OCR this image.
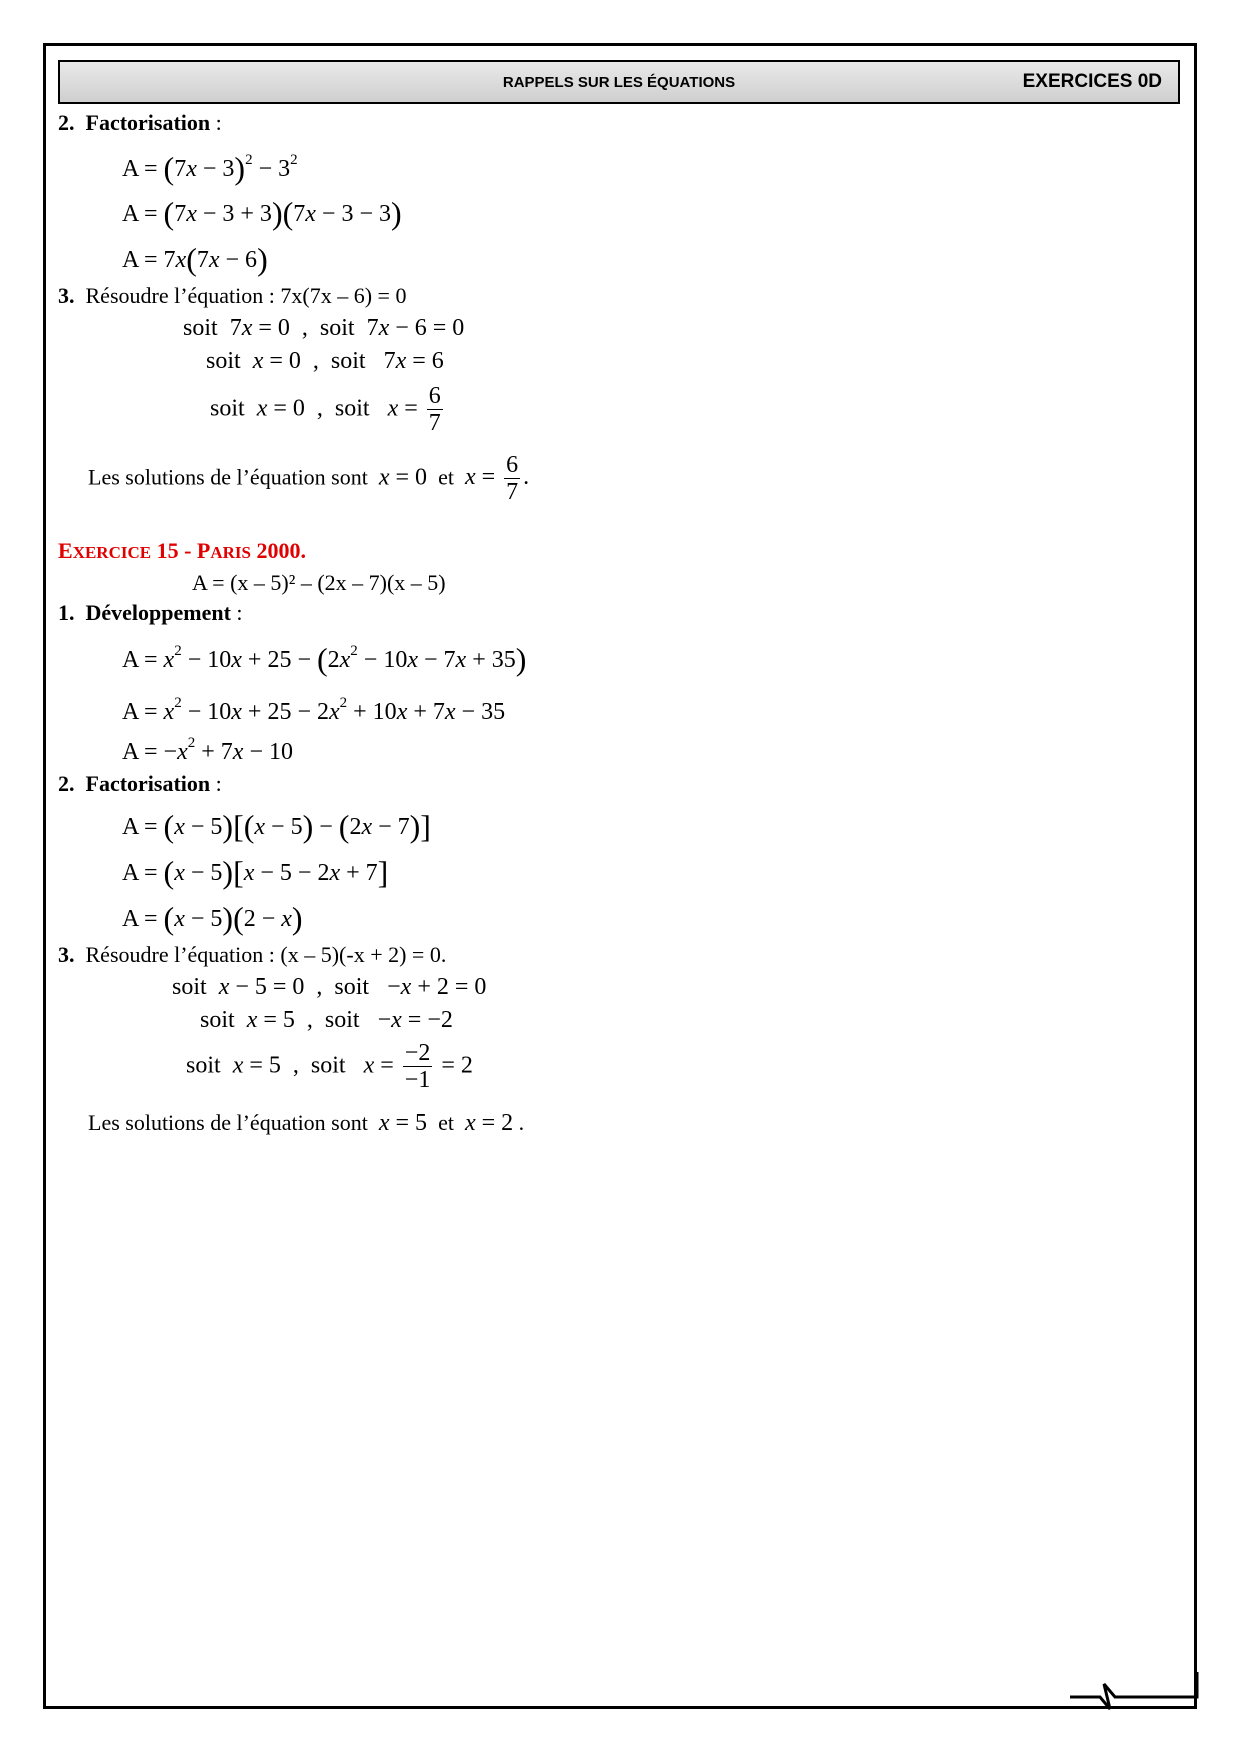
RAPPELS SUR LES ÉQUATIONS	EXERCICES 0D
2. Factorisation :
$A = (7x - 3)^2 - 3^2$
A = (7x − 3 + 3)(7x − 3 − 3)
A = 7x(7x − 6)
3. Résoudre l’équation : 7x(7x – 6) = 0
soit  7x = 0  ,  soit  7x − 6 = 0
soit x = 0  ,  soit   7x = 6
soit x = 0  ,  soit $x = \frac{6}{7}$
Les solutions de l’équation sont x = 0 et $x = \frac{6}{7}$ .
EXERCICE 15 - PARIS 2000.
A = (x – 5)² – (2x – 7)(x – 5)
1. Développement :
$A = x^2 - 10x + 25 - (2x^2 - 10x - 7x + 35)$
$A = x^2 - 10x + 25 - 2x^2 + 10x + 7x - 35$
$A = -x^2 + 7x - 10$
2. Factorisation :
A = (x − 5)[(x − 5) − (2x − 7)]
A = (x − 5)[x − 5 − 2x + 7]
A = (x − 5)(2 − x)
3. Résoudre l’équation : (x – 5)(-x + 2) = 0.
soit x − 5 = 0  ,  soit   −x + 2 = 0
soit x = 5  ,  soit   −x = −2
soit x = 5  ,  soit $x = \frac{-2}{-1} = 2$
Les solutions de l’équation sont x = 5 et x = 2 .
